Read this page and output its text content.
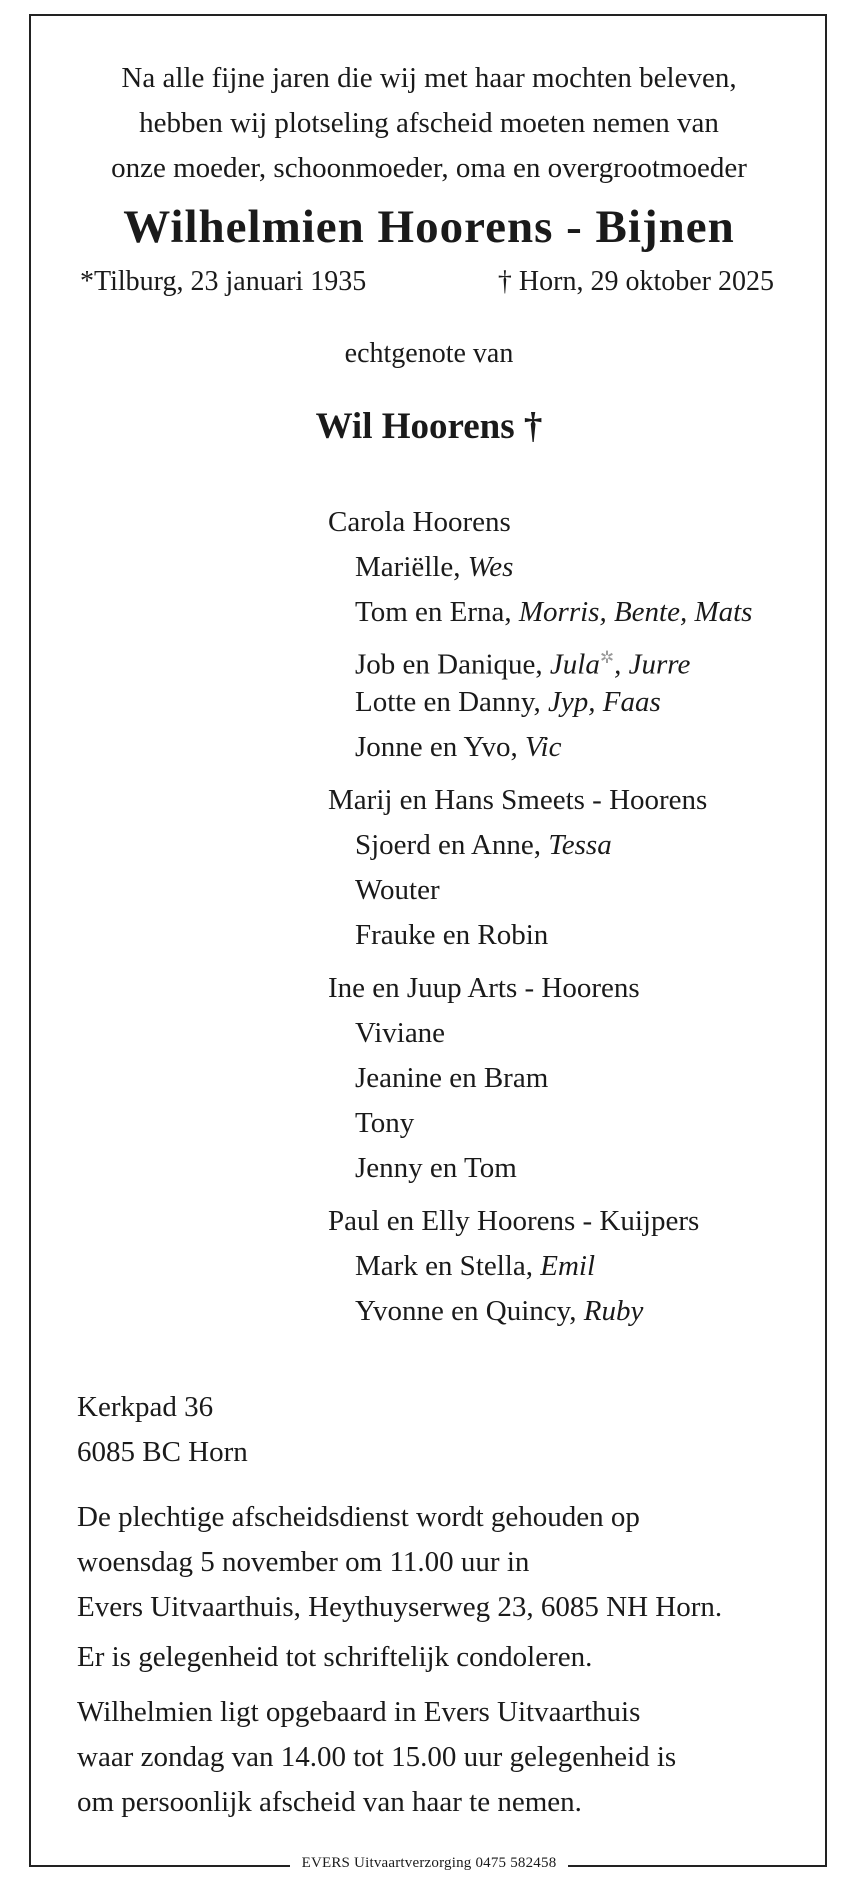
Na alle fijne jaren die wij met haar mochten beleven,
hebben wij plotseling afscheid moeten nemen van
onze moeder, schoonmoeder, oma en overgrootmoeder
Wilhelmien Hoorens - Bijnen
*Tilburg, 23 januari 1935	† Horn, 29 oktober 2025
echtgenote van
Wil Hoorens †
Carola Hoorens
Mariëlle, Wes
Tom en Erna, Morris, Bente, Mats
Job en Danique, Jula✲, Jurre
Lotte en Danny, Jyp, Faas
Jonne en Yvo, Vic
Marij en Hans Smeets - Hoorens
Sjoerd en Anne, Tessa
Wouter
Frauke en Robin
Ine en Juup Arts - Hoorens
Viviane
Jeanine en Bram
Tony
Jenny en Tom
Paul en Elly Hoorens - Kuijpers
Mark en Stella, Emil
Yvonne en Quincy, Ruby
Kerkpad 36
6085 BC Horn
De plechtige afscheidsdienst wordt gehouden op
woensdag 5 november om 11.00 uur in
Evers Uitvaarthuis, Heythuyserweg 23, 6085 NH Horn.
Er is gelegenheid tot schriftelijk condoleren.
Wilhelmien ligt opgebaard in Evers Uitvaarthuis
waar zondag van 14.00 tot 15.00 uur gelegenheid is
om persoonlijk afscheid van haar te nemen.
EVERS Uitvaartverzorging 0475 582458
